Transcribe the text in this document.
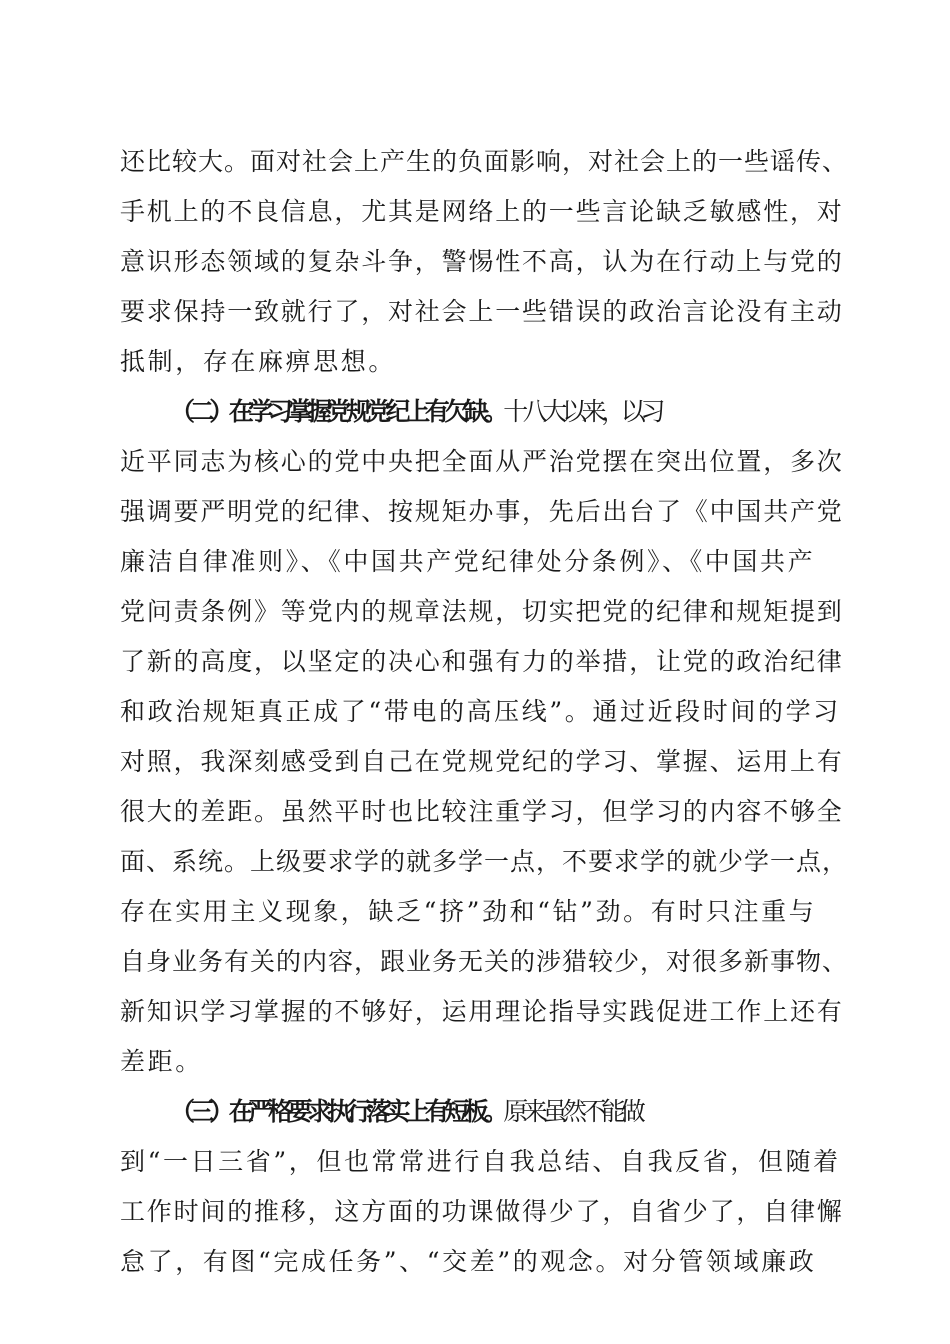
还比较大。面对社会上产生的负面影响，对社会上的一些谣传、
手机上的不良信息，尤其是网络上的一些言论缺乏敏感性，对
意识形态领域的复杂斗争，警惕性不高，认为在行动上与党的
要求保持一致就行了，对社会上一些错误的政治言论没有主动
抵制，存在麻痹思想。
（二）在学习掌握党规党纪上有欠缺。十八大以来，以习
近平同志为核心的党中央把全面从严治党摆在突出位置，多次
强调要严明党的纪律、按规矩办事，先后出台了《中国共产党
廉洁自律准则》、《中国共产党纪律处分条例》、《中国共产
党问责条例》等党内的规章法规，切实把党的纪律和规矩提到
了新的高度，以坚定的决心和强有力的举措，让党的政治纪律
和政治规矩真正成了“带电的高压线”。通过近段时间的学习
对照，我深刻感受到自己在党规党纪的学习、掌握、运用上有
很大的差距。虽然平时也比较注重学习，但学习的内容不够全
面、系统。上级要求学的就多学一点，不要求学的就少学一点，
存在实用主义现象，缺乏“挤”劲和“钻”劲。有时只注重与
自身业务有关的内容，跟业务无关的涉猎较少，对很多新事物、
新知识学习掌握的不够好，运用理论指导实践促进工作上还有
差距。
（三）在严格要求执行落实上有短板。原来虽然不能做
到“一日三省”，但也常常进行自我总结、自我反省，但随着
工作时间的推移，这方面的功课做得少了，自省少了，自律懈
怠了，有图“完成任务”、“交差”的观念。对分管领域廉政
